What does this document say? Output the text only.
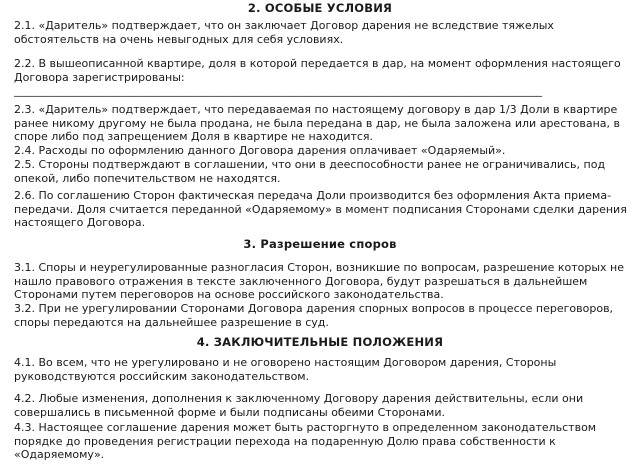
2. ОСОБЫЕ УСЛОВИЯ
2.1. «Даритель» подтверждает, что он заключает Договор дарения не вследствие тяжелых
обстоятельств на очень невыгодных для себя условиях.
2.2. В вышеописанной квартире, доля в которой передается в дар, на момент оформления настоящего
Договора зарегистрированы:
________________________________________________________________________________________________
2.3. «Даритель» подтверждает, что передаваемая по настоящему договору в дар 1/3 Доли в квартире
ранее никому другому не была продана, не была передана в дар, не была заложена или арестована, в
споре либо под запрещением Доля в квартире не находится.
2.4. Расходы по оформлению данного Договора дарения оплачивает «Одаряемый».
2.5. Стороны подтверждают в соглашении, что они в дееспособности ранее не ограничивались, под
опекой, либо попечительством не находятся.
2.6. По соглашению Сторон фактическая передача Доли производится без оформления Акта приема-
передачи. Доля считается переданной «Одаряемому» в момент подписания Сторонами сделки дарения
настоящего Договора.
3. Разрешение споров
3.1. Споры и неурегулированные разногласия Сторон, возникшие по вопросам, разрешение которых не
нашло правового отражения в тексте заключенного Договора, будут разрешаться в дальнейшем
Сторонами путем переговоров на основе российского законодательства.
3.2. При не урегулировании Сторонами Договора дарения спорных вопросов в процессе переговоров,
споры передаются на дальнейшее разрешение в суд.
4. ЗАКЛЮЧИТЕЛЬНЫЕ ПОЛОЖЕНИЯ
4.1. Во всем, что не урегулировано и не оговорено настоящим Договором дарения, Стороны
руководствуются российским законодательством.
4.2. Любые изменения, дополнения к заключенному Договору дарения действительны, если они
совершались в письменной форме и были подписаны обеими Сторонами.
4.3. Настоящее соглашение дарения может быть расторгнуто в определенном законодательством
порядке до проведения регистрации перехода на подаренную Долю права собственности к
«Одаряемому».
